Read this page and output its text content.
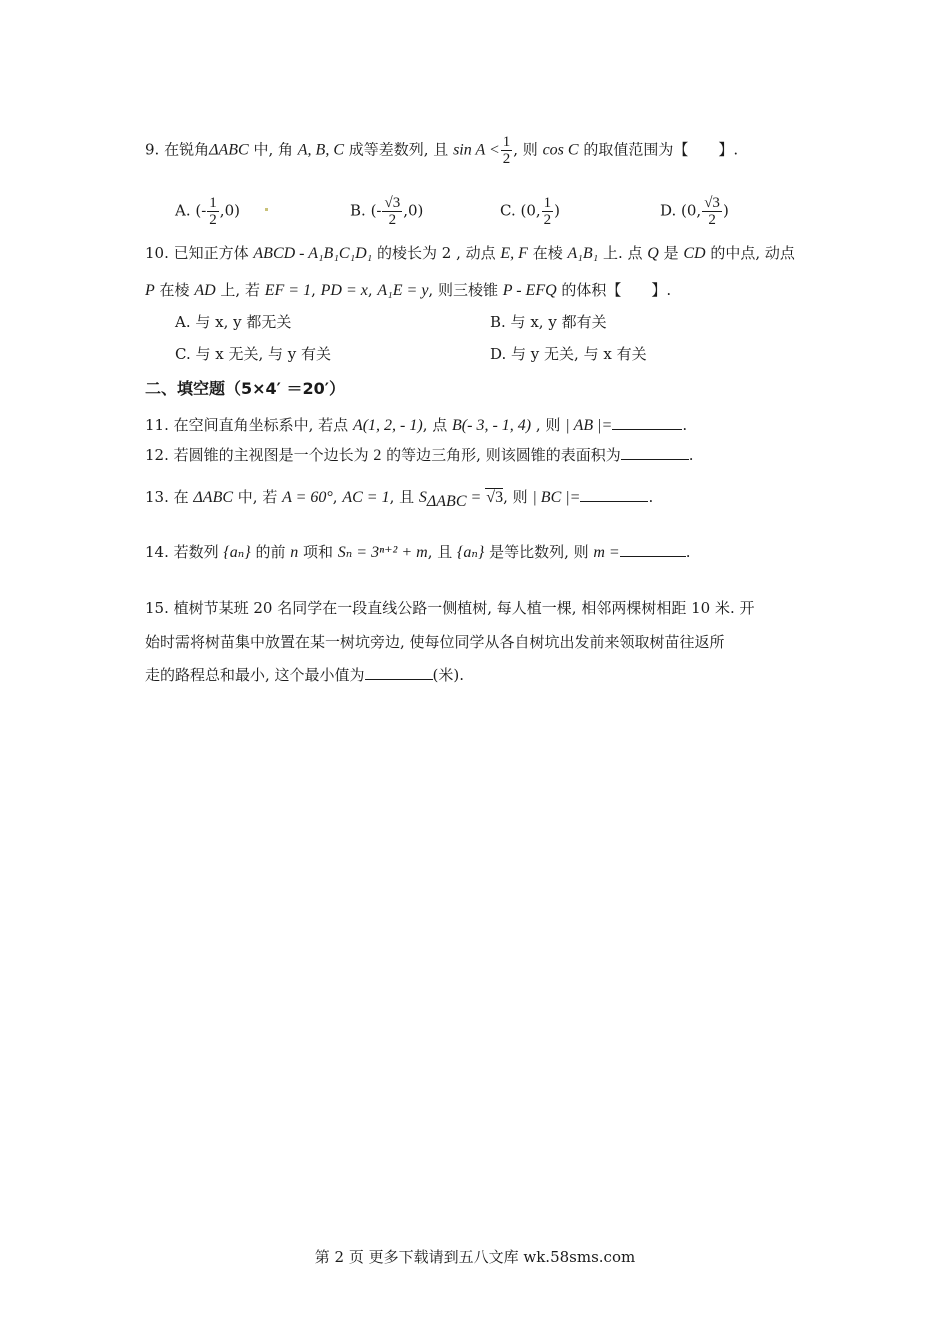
9. 在锐角ΔABC 中, 角 A, B, C 成等差数列, 且 $\sin A < \frac{1}{2}$ , 则 cos C 的取值范围为【　　】.
A. (- $\frac{1}{2} ,0$)	B. (- $\frac{√3}{2} ,0$)	C. (0, $\frac{1}{2}$ )	D. (0, $\frac{√3}{2}$ )
10. 已知正方体 ABCD - A₁B₁C₁D₁ 的棱长为 2 , 动点 E, F 在棱 A₁B₁ 上. 点 Q 是 CD 的中点, 动点
P 在棱 AD 上, 若 EF = 1, PD = x, A₁E = y, 则三棱锥 P - EFQ 的体积【　　】.
A. 与 x, y 都无关	B. 与 x, y 都有关
C. 与 x 无关, 与 y 有关	D. 与 y 无关, 与 x 有关
二、填空题（5×4′ ＝20′）
11. 在空间直角坐标系中, 若点 A(1, 2, - 1), 点 B(- 3, - 1, 4) , 则 | AB |=	.
12. 若圆锥的主视图是一个边长为 2 的等边三角形, 则该圆锥的表面积为	.
13. 在 ΔABC 中, 若 A = 60°, AC = 1, 且 $S_{\Delta ABC} = √3$, 则 | BC |=	.
14. 若数列 {aₙ} 的前 n 项和 Sₙ = 3ⁿ⁺² + m, 且 {aₙ} 是等比数列, 则 m =	.
15. 植树节某班 20 名同学在一段直线公路一侧植树, 每人植一棵, 相邻两棵树相距 10 米. 开
始时需将树苗集中放置在某一树坑旁边, 使每位同学从各自树坑出发前来领取树苗往返所
走的路程总和最小, 这个最小值为	(米).
第 2 页 更多下载请到五八文库 wk.58sms.com
